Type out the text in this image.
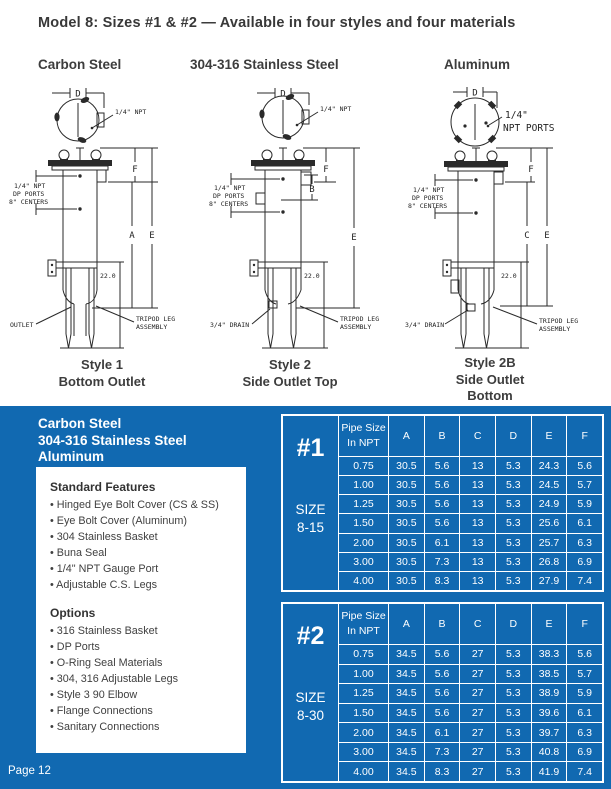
Model 8: Sizes #1 & #2 — Available in four styles and four materials
Carbon Steel	304-316 Stainless Steel	Aluminum
D
1/4" NPT
1/4" NPT
DP PORTS
8" CENTERS
F
A E
22.0
OUTLET
TRIPOD LEG
ASSEMBLY
D
1/4" NPT
1/4" NPT
DP PORTS
8" CENTERS
F
B
E
22.0
3/4" DRAIN
TRIPOD LEG
ASSEMBLY
D
1/4"
NPT PORTS
1/4" NPT
DP PORTS
8" CENTERS
F
C E
22.0
3/4" DRAIN	TRIPOD LEG
ASSEMBLY
Style 1
Bottom Outlet
Style 2
Side Outlet Top
Style 2B
Side Outlet
Bottom
Carbon Steel
304-316 Stainless Steel
Aluminum
Standard Features
• Hinged Eye Bolt Cover (CS & SS)
• Eye Bolt Cover (Aluminum)
• 304 Stainless Basket
• Buna Seal
• 1/4" NPT Gauge Port
• Adjustable C.S. Legs
Options
• 316 Stainless Basket
• DP Ports
• O-Ring Seal Materials
• 304, 316 Adjustable Legs
• Style 3 90 Elbow
• Flange Connections
• Sanitary Connections
#1
SIZE
8-15
Pipe Size
In NPT
A	B	C	D	E	F
0.75	30.5	5.6	13	5.3	24.3	5.6
1.00	30.5	5.6	13	5.3	24.5	5.7
1.25	30.5	5.6	13	5.3	24.9	5.9
1.50	30.5	5.6	13	5.3	25.6	6.1
2.00	30.5	6.1	13	5.3	25.7	6.3
3.00	30.5	7.3	13	5.3	26.8	6.9
4.00	30.5	8.3	13	5.3	27.9	7.4
#2
SIZE
8-30
Pipe Size
In NPT
A	B	C	D	E	F
0.75	34.5	5.6	27	5.3	38.3	5.6
1.00	34.5	5.6	27	5.3	38.5	5.7
1.25	34.5	5.6	27	5.3	38.9	5.9
1.50	34.5	5.6	27	5.3	39.6	6.1
2.00	34.5	6.1	27	5.3	39.7	6.3
3.00	34.5	7.3	27	5.3	40.8	6.9
4.00	34.5	8.3	27	5.3	41.9	7.4
Page 12
